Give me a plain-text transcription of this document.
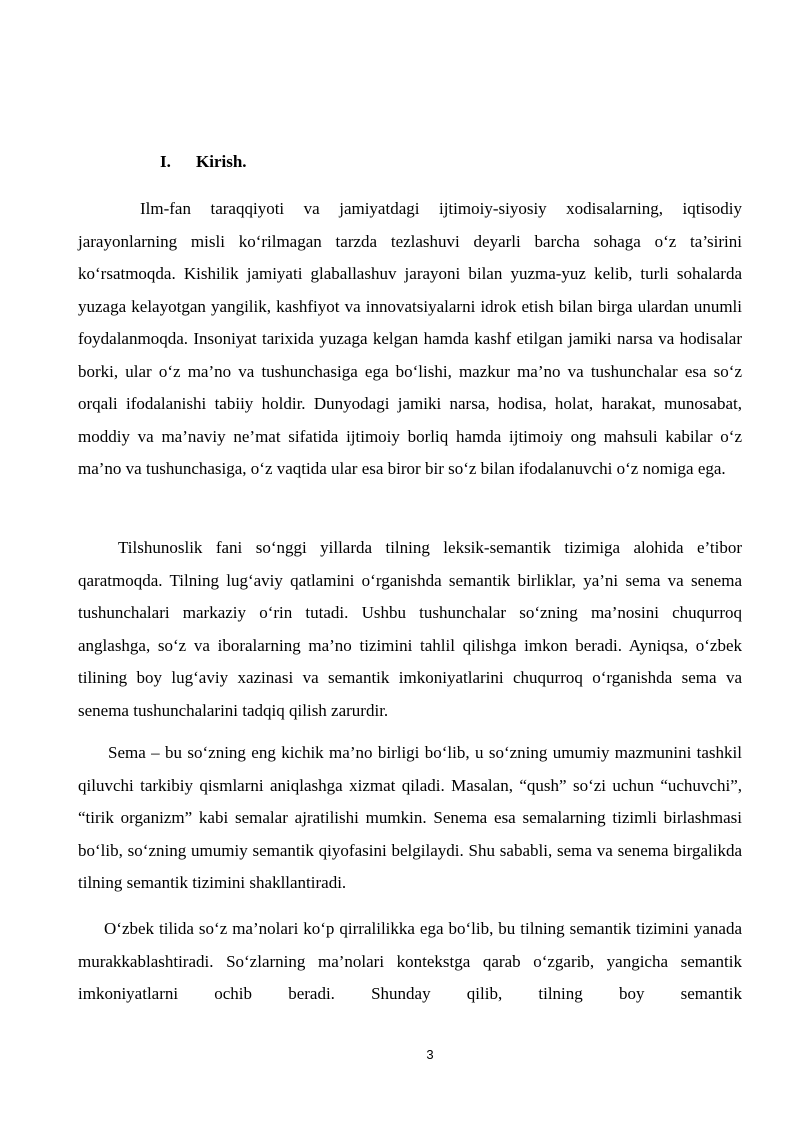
I. Kirish.

Ilm-fan taraqqiyoti va jamiyatdagi ijtimoiy-siyosiy xodisalarning, iqtisodiy jarayonlarning misli ko‘rilmagan tarzda tezlashuvi deyarli barcha sohaga o‘z ta’sirini ko‘rsatmoqda. Kishilik jamiyati glaballashuv jarayoni bilan yuzma-yuz kelib, turli sohalarda yuzaga kelayotgan yangilik, kashfiyot va innovatsiyalarni idrok etish bilan birga ulardan unumli foydalanmoqda. Insoniyat tarixida yuzaga kelgan hamda kashf etilgan jamiki narsa va hodisalar borki, ular o‘z ma’no va tushunchasiga ega bo‘lishi, mazkur ma’no va tushunchalar esa so‘z orqali ifodalanishi tabiiy holdir. Dunyodagi jamiki narsa, hodisa, holat, harakat, munosabat, moddiy va ma’naviy ne’mat sifatida ijtimoiy borliq hamda ijtimoiy ong mahsuli kabilar o‘z ma’no va tushunchasiga, o‘z vaqtida ular esa biror bir so‘z bilan ifodalanuvchi o‘z nomiga ega.

Tilshunoslik fani so‘nggi yillarda tilning leksik-semantik tizimiga alohida e’tibor qaratmoqda. Tilning lug‘aviy qatlamini o‘rganishda semantik birliklar, ya’ni sema va senema tushunchalari markaziy o‘rin tutadi. Ushbu tushunchalar so‘zning ma’nosini chuqurroq anglashga, so‘z va iboralarning ma’no tizimini tahlil qilishga imkon beradi. Ayniqsa, o‘zbek tilining boy lug‘aviy xazinasi va semantik imkoniyatlarini chuqurroq o‘rganishda sema va senema tushunchalarini tadqiq qilish zarurdir.

Sema – bu so‘zning eng kichik ma’no birligi bo‘lib, u so‘zning umumiy mazmunini tashkil qiluvchi tarkibiy qismlarni aniqlashga xizmat qiladi. Masalan, “qush” so‘zi uchun “uchuvchi”, “tirik organizm” kabi semalar ajratilishi mumkin. Senema esa semalarning tizimli birlashmasi bo‘lib, so‘zning umumiy semantik qiyofasini belgilaydi. Shu sababli, sema va senema birgalikda tilning semantik tizimini shakllantiradi.

O‘zbek tilida so‘z ma’nolari ko‘p qirralilikka ega bo‘lib, bu tilning semantik tizimini yanada murakkablashtiradi. So‘zlarning ma’nolari kontekstga qarab o‘zgarib, yangicha semantik imkoniyatlarni ochib beradi. Shunday qilib, tilning boy semantik

3
